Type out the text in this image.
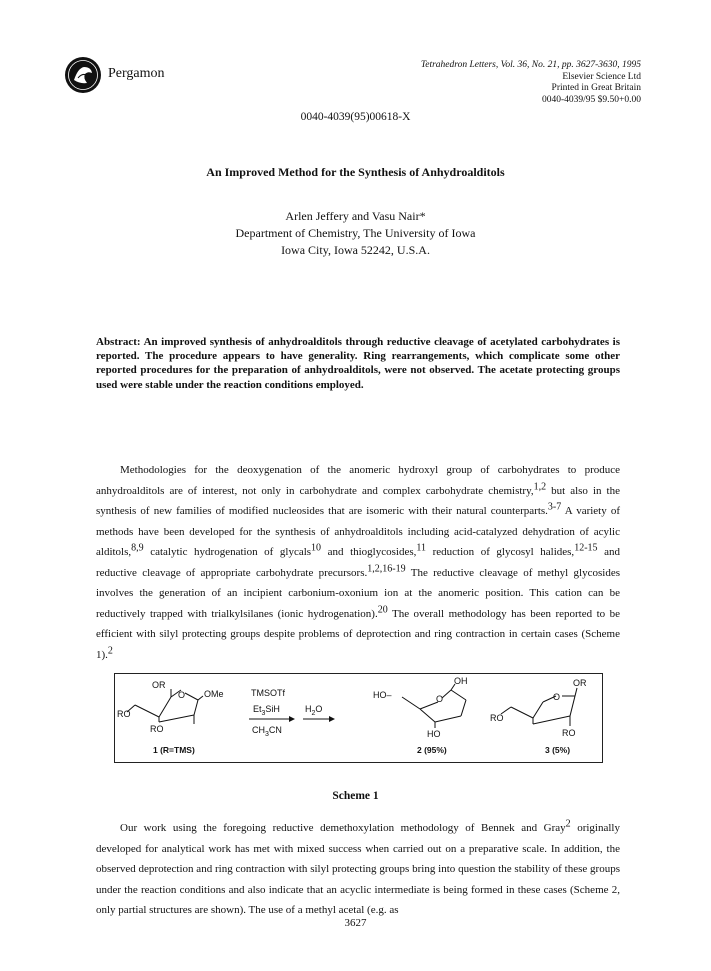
Pergamon
Tetrahedron Letters, Vol. 36, No. 21, pp. 3627-3630, 1995
Elsevier Science Ltd
Printed in Great Britain
0040-4039/95 $9.50+0.00
0040-4039(95)00618-X
An Improved Method for the Synthesis of Anhydroalditols
Arlen Jeffery and Vasu Nair*
Department of Chemistry, The University of Iowa
Iowa City, Iowa 52242, U.S.A.
Abstract: An improved synthesis of anhydroalditols through reductive cleavage of acetylated carbohydrates is reported. The procedure appears to have generality. Ring rearrangements, which complicate some other reported procedures for the preparation of anhydroalditols, were not observed. The acetate protecting groups used were stable under the reaction conditions employed.
Methodologies for the deoxygenation of the anomeric hydroxyl group of carbohydrates to produce anhydroalditols are of interest, not only in carbohydrate and complex carbohydrate chemistry,$^{1,2}$ but also in the synthesis of new families of modified nucleosides that are isomeric with their natural counterparts.$^{3-7}$ A variety of methods have been developed for the synthesis of anhydroalditols including acid-catalyzed dehydration of acylic alditols,$^{8,9}$ catalytic hydrogenation of glycals$^{10}$ and thioglycosides,$^{11}$ reduction of glycosyl halides,$^{12-15}$ and reductive cleavage of appropriate carbohydrate precursors.$^{1,2,16-19}$ The reductive cleavage of methyl glycosides involves the generation of an incipient carbonium-oxonium ion at the anomeric position. This cation can be reductively trapped with trialkylsilanes (ionic hydrogenation).$^{20}$ The overall methodology has been reported to be efficient with silyl protecting groups despite problems of deprotection and ring contraction in certain cases (Scheme 1).$^2$
OR
O OMe
RO
RO
TMSOTf
$Et_3SiH$
$CH_3CN$
$H_2O$
HO–	O
OH
HO
O
OR
RO
RO
1 (R=TMS)	2 (95%)	3 (5%)
Scheme 1
Our work using the foregoing reductive demethoxylation methodology of Bennek and Gray$^2$ originally developed for analytical work has met with mixed success when carried out on a preparative scale. In addition, the observed deprotection and ring contraction with silyl protecting groups bring into question the stability of these groups under the reaction conditions and also indicate that an acyclic intermediate is being formed in these cases (Scheme 2, only partial structures are shown). The use of a methyl acetal (e.g. as
3627
